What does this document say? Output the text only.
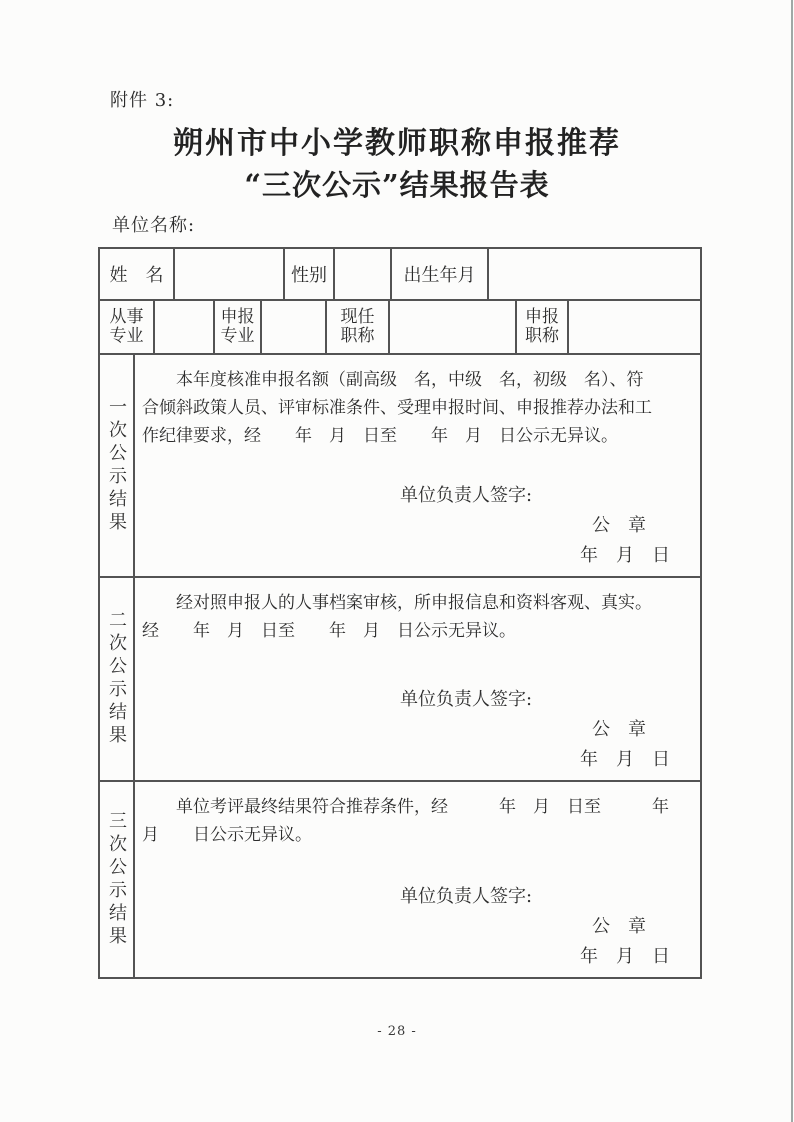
附件 3:
朔州市中小学教师职称申报推荐
“三次公示”结果报告表
单位名称:
姓　名	性别	出生年月
从事专业
申报专业
现任职称
申报职称
一次公示结果
本年度核准申报名额（副高级　名，中级　名，初级　名）、符
合倾斜政策人员、评审标准条件、受理申报时间、申报推荐办法和工
作纪律要求，经　　年　月　日至　　年　月　日公示无异议。
单位负责人签字:
公　章
年　月　日
二次公示结果
经对照申报人的人事档案审核，所申报信息和资料客观、真实。
经　　年　月　日至　　年　月　日公示无异议。
单位负责人签字:
公　章
年　月　日
三次公示结果
单位考评最终结果符合推荐条件，经　　　年　月　日至　　　年
月　　日公示无异议。
单位负责人签字:
公　章
年　月　日
- 28 -
